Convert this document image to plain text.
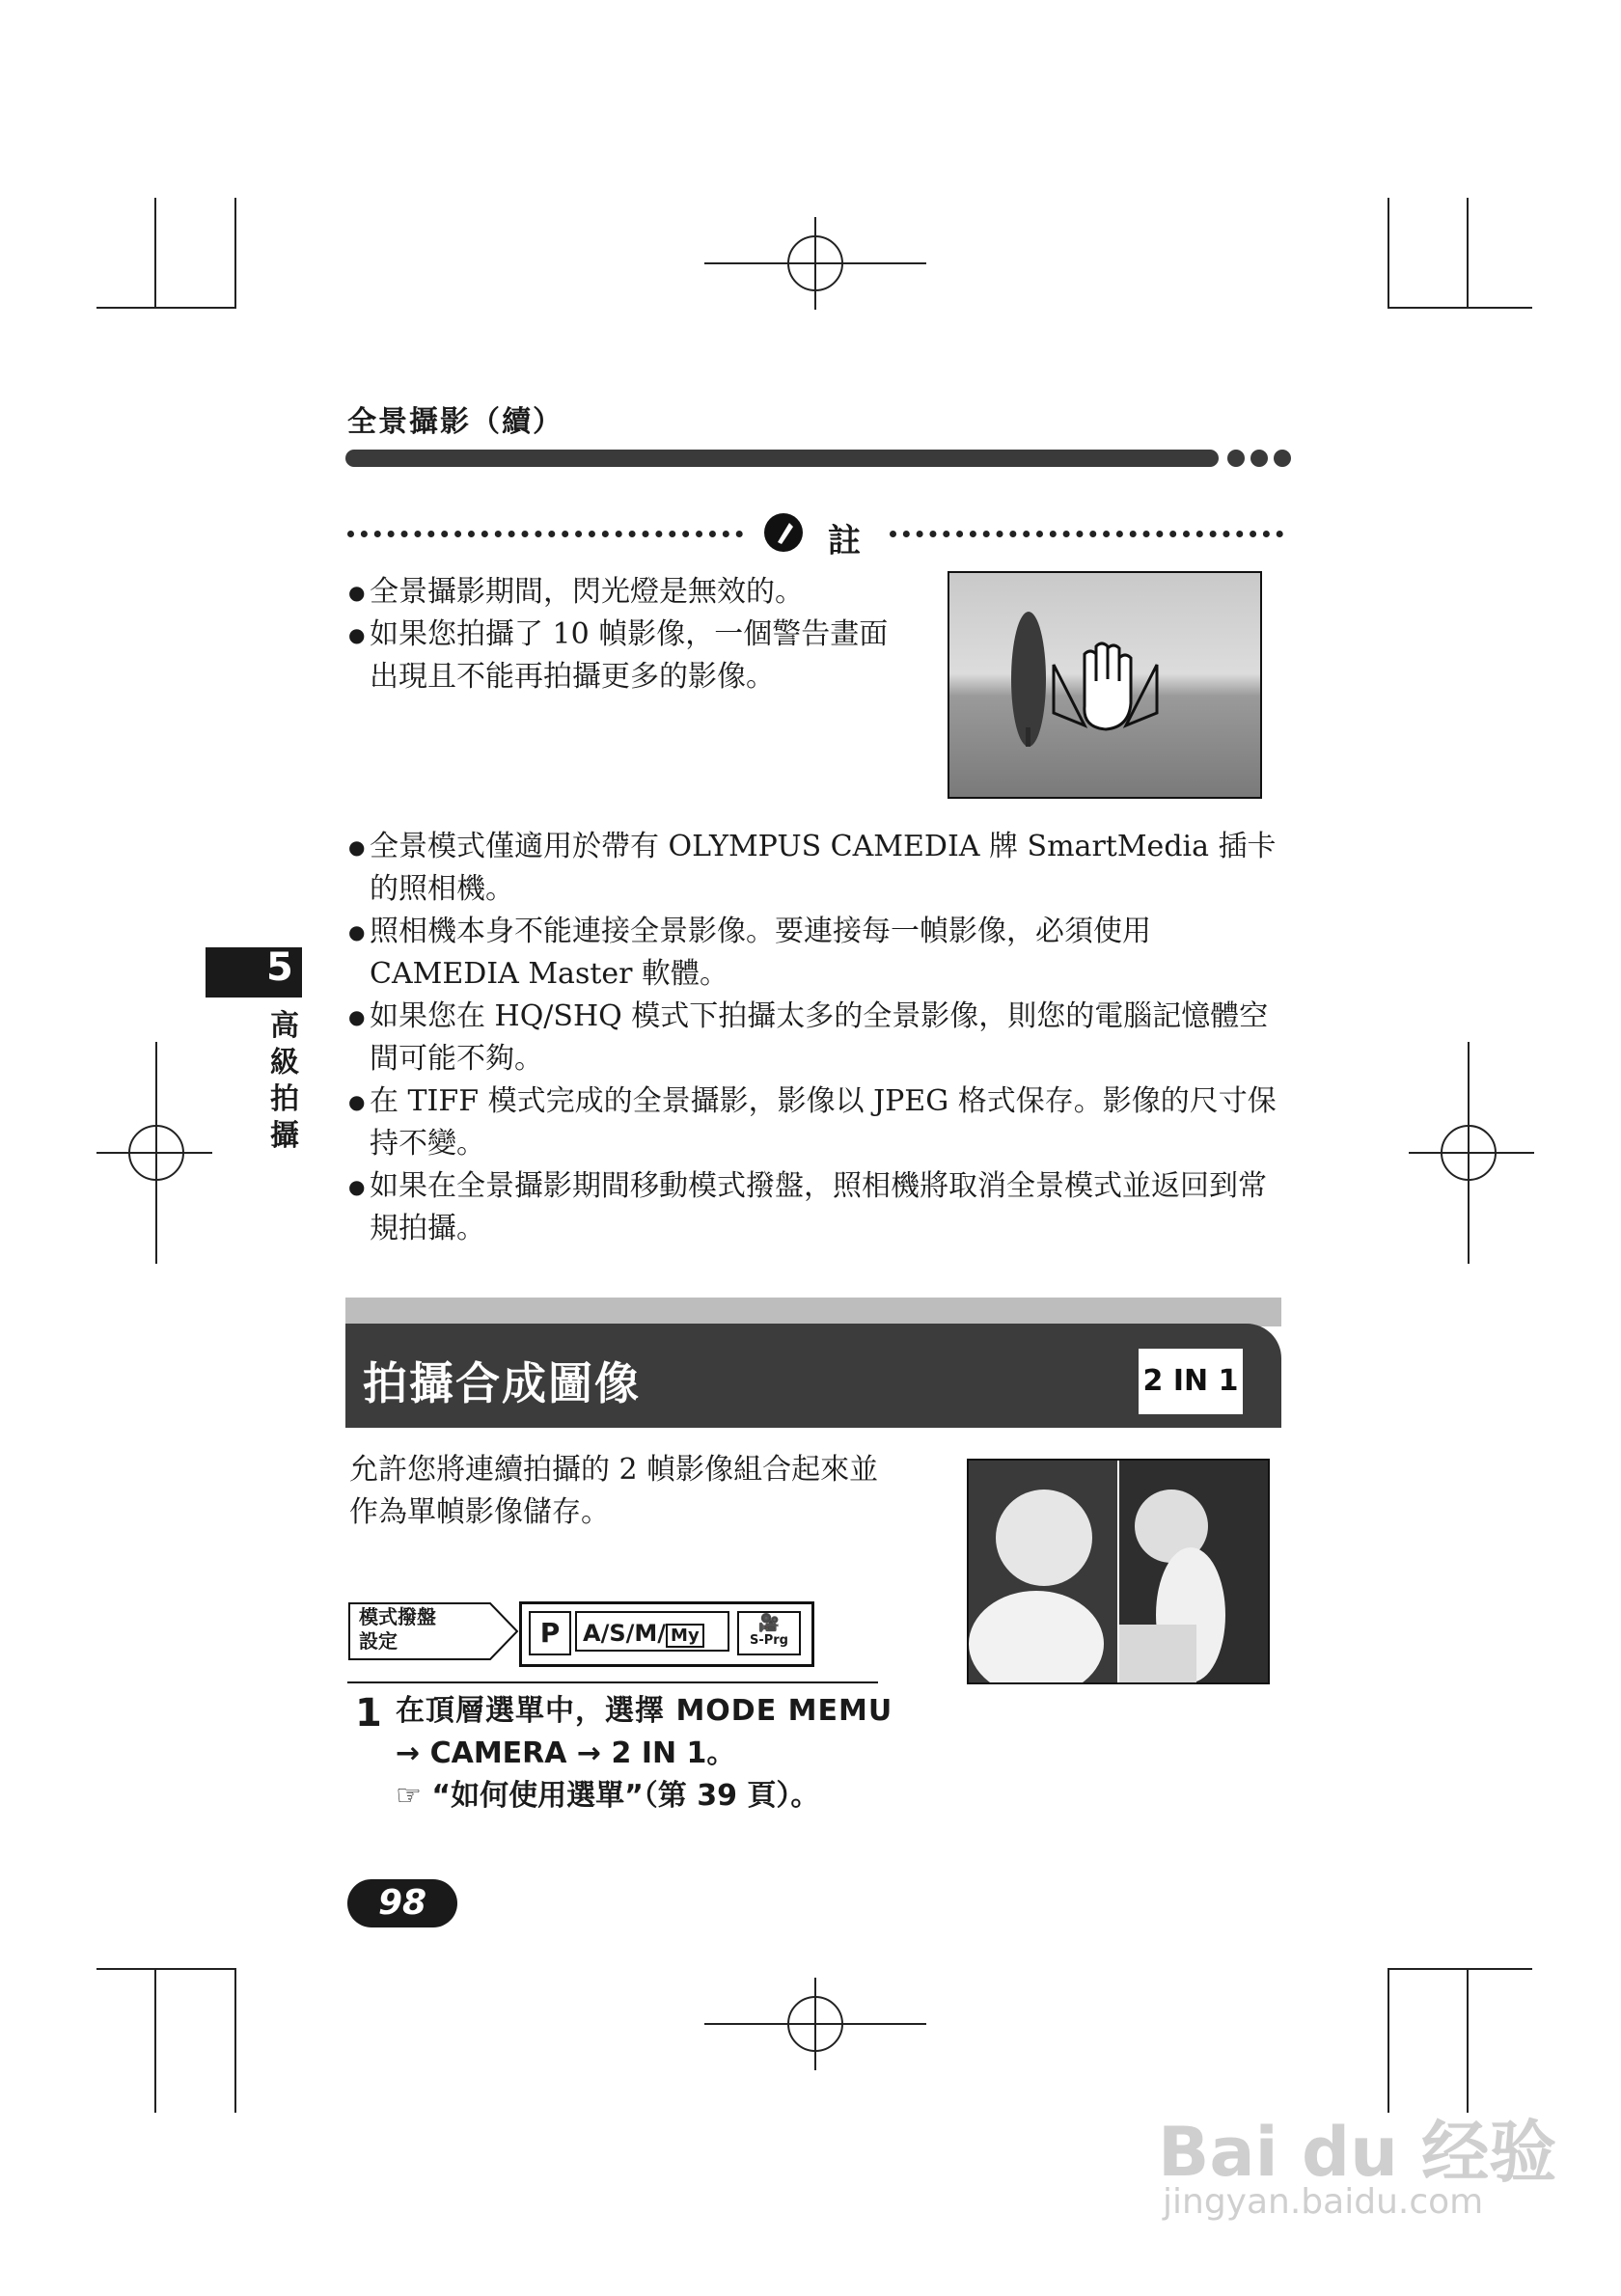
全景攝影（續）
註
● 全景攝影期間，閃光燈是無效的。
● 如果您拍攝了 10 幀影像，一個警告畫面出現且不能再拍攝更多的影像。
● 全景模式僅適用於帶有 OLYMPUS CAMEDIA 牌 SmartMedia 插卡的照相機。
● 照相機本身不能連接全景影像。要連接每一幀影像，必須使用 CAMEDIA Master 軟體。
● 如果您在 HQ/SHQ 模式下拍攝太多的全景影像，則您的電腦記憶體空間可能不夠。
● 在 TIFF 模式完成的全景攝影，影像以 JPEG 格式保存。影像的尺寸保持不變。
● 如果在全景攝影期間移動模式撥盤，照相機將取消全景模式並返回到常規拍攝。
5
高級拍攝
拍攝合成圖像	2 IN 1
允許您將連續拍攝的 2 幀影像組合起來並作為單幀影像儲存。
模式撥盤
設定	P A/S/M/ My
🎥
S-Prg
1 在頂層選單中，選擇 MODE MEMU
→ CAMERA → 2 IN 1。
☞ “如何使用選單”（第 39 頁）。
98
Bai du 经验
jingyan.baidu.com
